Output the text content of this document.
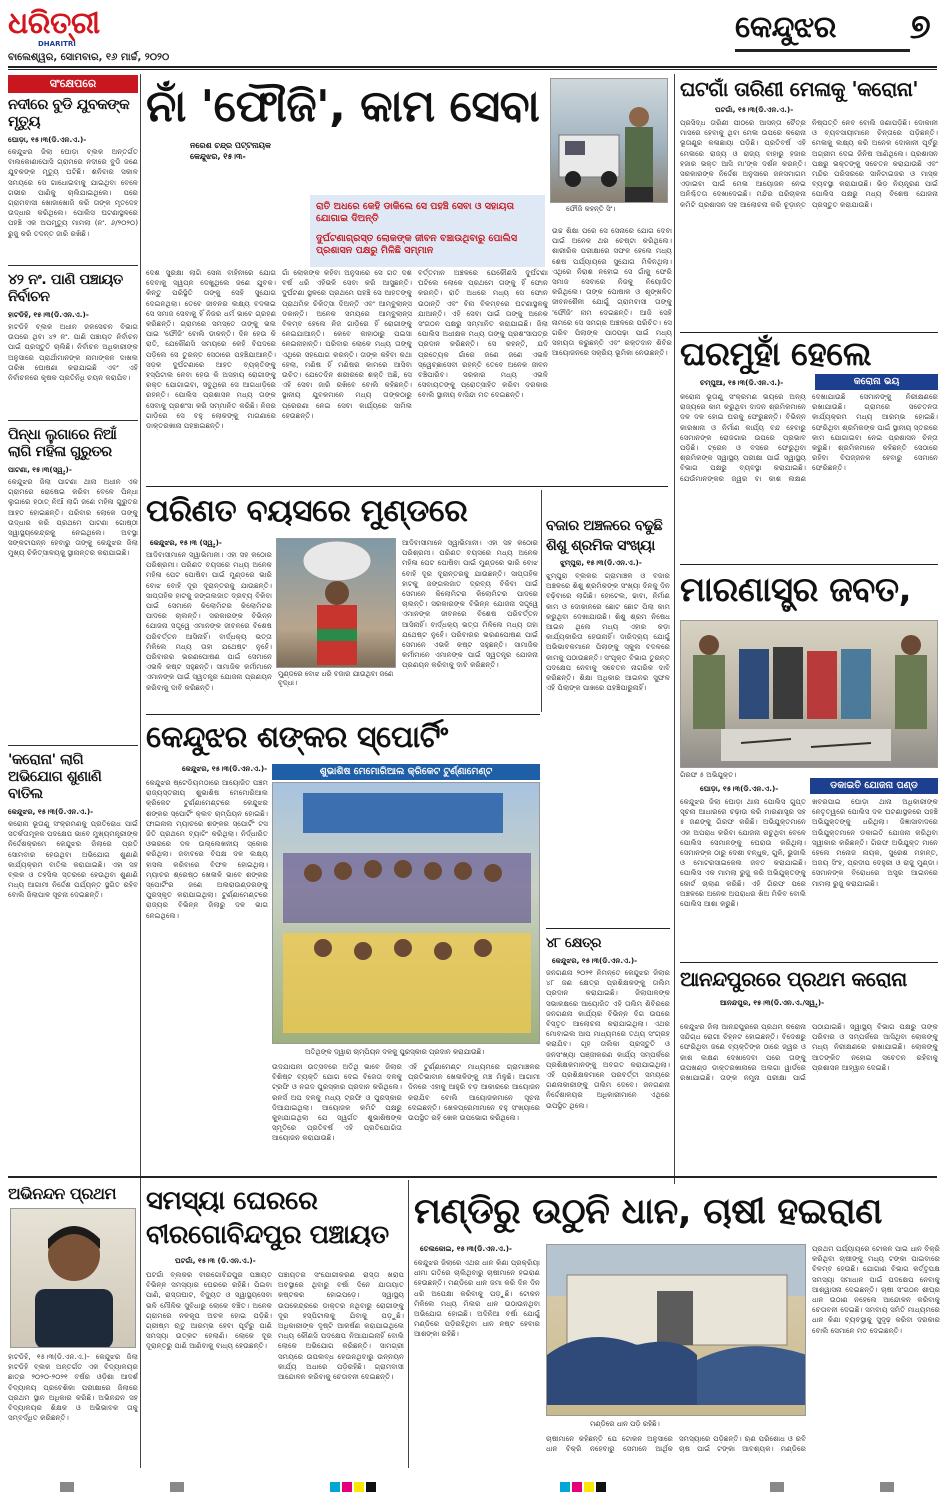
ଧରିତ୍ରୀ
DHARITRI
ବାଲେଶ୍ୱର, ସୋମବାର, ୧୬ ମାର୍ଚ୍ଚ, ୨୦୨୦
କେନ୍ଦୁଝର	୭
ସଂକ୍ଷେପରେ
ନଦୀରେ ବୁଡି ଯୁବକଙ୍କ ମୃତ୍ୟୁ
ଘୋଡ଼ା, ୧୫।୩(ଡି.ଏନ.ଏ.)-
କେନ୍ଦୁଝର ଜିଲା ଘୋଡ଼ା ବ୍ଲକ ଅନ୍ତର୍ଗତ ବାଲକୋଣାପୋସି ଗ୍ରାମରେ ନଦୀରେ ବୁଡି ଜଣେ ଯୁବକଙ୍କ ମୃତ୍ୟୁ ଘଟିଛି। ଶନିବାର ସକାଳ ସମୟରେ ସେ ଗାଧୋଇବାକୁ ଯାଇଥିବା ବେଳେ ଗଭୀର ପାଣିକୁ ଚାଲିଯାଇଥିଲେ। ପରେ ଗ୍ରାମବାସୀ ଖୋଜାଖୋଜି କରି ତାଙ୍କ ମୃତଦେହ ଉଦ୍ଧାର କରିଥିଲେ। ପୋଲିସ ଘଟଣାସ୍ଥଳରେ ପହଞ୍ଚି ଏକ ଅପମୃତ୍ୟୁ ମାମଲା (ନଂ. ୬/୨୦୨୦) ରୁଜୁ କରି ତଦନ୍ତ ଜାରି ରଖିଛି।
୪୨ ନଂ. ପାଣି ପଞ୍ଚାୟତ ନିର୍ବାଚନ
ହାଟଡିହି, ୧୫।୩(ଡି.ଏନ.ଏ.)-
ହାଟଡିହି ବ୍ଲକ ଅଧୀନ ଜଳସେଚନ ବିଭାଗ ଉପରେ ଥିବା ୪୨ ନଂ. ପାଣି ପଞ୍ଚାୟତ ନିର୍ବାଚନ ପାଇଁ ପ୍ରସ୍ତୁତି ଚାଲିଛି। ନିର୍ବାଚନ ଅଧିକାରୀଙ୍କ ଅନୁସାରେ ପ୍ରାର୍ଥୀମାନଙ୍କ ନାମାଙ୍କନ ଦାଖଲ ତାରିଖ ଘୋଷଣା କରାଯାଇଛି ଏବଂ ଏହି ନିର୍ବାଚନରେ କୃଷକ ପ୍ରତିନିଧି ଚୟନ କରାଯିବ।
ପିନ୍ଧା ଲୁଗାରେ ନିଆଁ ଲାଗି ମହିଳା ଗୁରୁତର
ପାଟଣା, ୧୫।୩(ସ୍ୱୃ.)-
କେନ୍ଦୁଝର ଜିଲା ପାଟଣା ଥାନା ଅଧୀନ ଏକ ଗ୍ରାମରେ ରୋଷେଇ କରିବା ବେଳେ ପିନ୍ଧା ଲୁଗାରେ ହଠାତ୍ ନିଆଁ ଲାଗି ଜଣେ ମହିଳା ଗୁରୁତର ଆହତ ହୋଇଛନ୍ତି। ପରିବାର ଲୋକେ ତାଙ୍କୁ ଉଦ୍ଧାର କରି ପ୍ରଥମେ ପାଟଣା ଗୋଷ୍ଠୀ ସ୍ୱାସ୍ଥ୍ୟକେନ୍ଦ୍ରକୁ ନେଇଥିଲେ। ଅବସ୍ଥା ସଙ୍କଟାପନ୍ନ ହେବାରୁ ତାଙ୍କୁ କେନ୍ଦୁଝର ଜିଲା ମୁଖ୍ୟ ଚିକିତ୍ସାଳୟକୁ ସ୍ଥାନାନ୍ତର କରାଯାଇଛି।
'କରୋନା' ଲାଗି ଅଭିଯୋଗ ଶୁଣାଣି ବାତିଲ
କେନ୍ଦୁଝର, ୧୫।୩(ଡି.ଏନ.ଏ.)-
କରୋନା ଭୂତାଣୁ ସଂକ୍ରମଣକୁ ପ୍ରତିରୋଧ ପାଇଁ ସତର୍କତାମୂଳକ ପଦକ୍ଷେପ ଭାବେ ମୁଖ୍ୟମନ୍ତ୍ରୀଙ୍କ ନିର୍ଦ୍ଦେଶକ୍ରମେ କେନ୍ଦୁଝର ଜିଲାରେ ପ୍ରତି ସୋମବାର ହେଉଥିବା ଅଭିଯୋଗ ଶୁଣାଣି କାର୍ଯ୍ୟକ୍ରମ ବାତିଲ କରାଯାଇଛି। ଏହା ସହ ବ୍ଲକ ଓ ତହସିଲ ସ୍ତରରେ ହେଉଥିବା ଶୁଣାଣି ମଧ୍ୟ ଆଗାମୀ ନିର୍ଦ୍ଦେଶ ପର୍ଯ୍ୟନ୍ତ ସ୍ଥଗିତ ରହିବ ବୋଲି ଜିଲାପାଳ ସୂଚନା ଦେଇଛନ୍ତି।
ନାଁ 'ଫୌଜି', କାମ ସେବା
ନରେଶ ଚନ୍ଦ୍ର ପଟ୍ଟନାୟକ
କେନ୍ଦୁଝର, ୧୫।୩-
ରାତି ଅଧରେ କେହି ଡାକିଲେ ସେ ପହଞ୍ଚି ସେବା ଓ ସହାୟତା ଯୋଗାଇ ଦିଅନ୍ତି
ଦୁର୍ଘଟଣାଗ୍ରସ୍ତ ଲୋକଙ୍କ ଜୀବନ ବଞ୍ଚାଉଥିବାରୁ ପୋଲିସ ପ୍ରଶାସନ ପକ୍ଷରୁ ମିଳିଛି ସମ୍ମାନ
ଦେଶ ସୁରକ୍ଷା ଲାଗି ସେନା ବାହିନୀରେ ଯୋଗ ଦେବାକୁ ସ୍ୱପ୍ନ ଦେଖୁଥିଲେ ଜଣେ ଯୁବକ। କିନ୍ତୁ ପରିସ୍ଥିତି ତାଙ୍କୁ ସେହି ସୁଯୋଗ ଦେଇନଥିଲା। ତେବେ ଜୀବନର ଲକ୍ଷ୍ୟ ବଦଳାଇ ସେ ସମାଜ ସେବାକୁ ହିଁ ନିଜର ଧର୍ମ ଭାବେ ଗ୍ରହଣ କରିଛନ୍ତି। ଗ୍ରାମରେ ସମସ୍ତେ ତାଙ୍କୁ ଭଲ ପାଇ 'ଫୌଜି' ବୋଲି ଡାକନ୍ତି। ଦିନ ହେଉ କି ରାତି, ଯେକୌଣସି ସମୟରେ କେହି ବିପଦରେ ପଡ଼ିଲେ ସେ ତୁରନ୍ତ ସେଠାରେ ପହଞ୍ଚିଯାଆନ୍ତି। ସଡ଼କ ଦୁର୍ଘଟଣାରେ ଆହତ ବ୍ୟକ୍ତିଙ୍କୁ ହସ୍ପିଟାଲ ନେବା ହେଉ କି ଅସହାୟ ରୋଗୀଙ୍କୁ ରକ୍ତ ଯୋଗାଇବା, ସବୁଥିରେ ସେ ଆଗଧାଡ଼ିରେ ରହନ୍ତି। ପୋଲିସ ପ୍ରଶାସନ ମଧ୍ୟ ତାଙ୍କ ସେବାକୁ ପ୍ରଶଂସା କରି ସମ୍ମାନିତ କରିଛି। ନିଜର ଗାଡ଼ିରେ ସେ ବହୁ ଲୋକଙ୍କୁ ମାଗଣାରେ ଡାକ୍ତରଖାନା ପହଞ୍ଚାଇଛନ୍ତି।
ଗାଁ ଲୋକଙ୍କ କହିବା ଅନୁସାରେ ସେ ଗତ ଦଶ ବର୍ଷ ଧରି ଏହିଭଳି ସେବା କରି ଆସୁଛନ୍ତି। ଦୁର୍ଘଟଣା ସ୍ଥଳରେ ପ୍ରଥମେ ପହଞ୍ଚି ସେ ଆହତଙ୍କୁ ପ୍ରାଥମିକ ଚିକିତ୍ସା ଦିଅନ୍ତି ଏବଂ ଆମ୍ବୁଲାନ୍ସ ଡକାନ୍ତି। ଅନେକ ସମୟରେ ଆମ୍ବୁଲାନ୍ସ ବିଳମ୍ବ ହେଲେ ନିଜ ଗାଡ଼ିରେ ହିଁ ରୋଗୀଙ୍କୁ ନେଇଯାଆନ୍ତି। କେବେ କାହାଠାରୁ ପଇସା ନେଇନାହାନ୍ତି। ପରିବାର ଲୋକେ ମଧ୍ୟ ତାଙ୍କୁ ଏଥିରେ ସହଯୋଗ କରନ୍ତି। ତାଙ୍କ କହିବା କଥା ହେଲା, ମଣିଷ ହିଁ ମଣିଷର କାମରେ ଆସିବା ଉଚିତ। ଯେତେଦିନ ଶରୀରରେ ଶକ୍ତି ଅଛି, ସେ ଏହି ସେବା ଜାରି ରଖିବେ ବୋଲି କହିଛନ୍ତି। ସ୍ଥାନୀୟ ଯୁବକମାନେ ମଧ୍ୟ ତାଙ୍କଠାରୁ ପ୍ରେରଣା ନେଇ ସେବା କାର୍ଯ୍ୟରେ ସାମିଲ ହେଉଛନ୍ତି।
ବର୍ତ୍ତମାନ ଅଞ୍ଚଳରେ ଯେକୌଣସି ଦୁର୍ଘଟଣା ଘଟିଲେ ଲୋକେ ପ୍ରଥମେ ତାଙ୍କୁ ହିଁ ଫୋନ କରନ୍ତି। ରାତି ଅଧରେ ମଧ୍ୟ ସେ ଫୋନ ଉଠାନ୍ତି ଏବଂ ବିନା ବିଳମ୍ବରେ ଘଟଣାସ୍ଥଳକୁ ଯାଆନ୍ତି। ଏହି ସେବା ପାଇଁ ତାଙ୍କୁ ଅନେକ ସଂଗଠନ ପକ୍ଷରୁ ସମ୍ମାନିତ କରାଯାଇଛି। ଜିଲା ପୋଲିସ ଅଧୀକ୍ଷକ ମଧ୍ୟ ତାଙ୍କୁ ପ୍ରଶଂସାପତ୍ର ପ୍ରଦାନ କରିଛନ୍ତି। ସେ କହନ୍ତି, ଯଦି ପ୍ରତ୍ୟେକ ଗାଁରେ ଜଣେ ଜଣେ ଏଭଳି ସ୍ୱେଚ୍ଛାସେବୀ ରହନ୍ତି ତେବେ ଅନେକ ଜୀବନ ବଞ୍ଚିପାରିବ। ସରକାର ମଧ୍ୟ ଏଭଳି ସେବାୟତଙ୍କୁ ପ୍ରୋତ୍ସାହିତ କରିବା ଦରକାର ବୋଲି ସ୍ଥାନୀୟ ବାସିନ୍ଦା ମତ ଦେଇଛନ୍ତି।
ଉଚ୍ଚ ଶିକ୍ଷା ପରେ ସେ ସେନାରେ ଯୋଗ ଦେବା ପାଇଁ ଅନେକ ଥର ଚେଷ୍ଟା କରିଥିଲେ। ଶାରୀରିକ ପରୀକ୍ଷାରେ ସଫଳ ହେଲେ ମଧ୍ୟ ଶେଷ ପର୍ଯ୍ୟାୟରେ ସୁଯୋଗ ମିଳିନଥିଲା। ଏଥିରେ ନିରାଶ ନହୋଇ ସେ ଗାଁକୁ ଫେରି ସମାଜ ସେବାରେ ନିଜକୁ ନିୟୋଜିତ କରିଥିଲେ। ତାଙ୍କ ପୋଷାକ ଓ ଶୃଙ୍ଖଳିତ ଜୀବନଶୈଳୀ ଯୋଗୁଁ ଗ୍ରାମବାସୀ ତାଙ୍କୁ 'ଫୌଜି' ନାମ ଦେଇଛନ୍ତି। ଆଜି ସେହି ନାମରେ ସେ ସମଗ୍ର ଅଞ୍ଚଳରେ ପରିଚିତ। ସେ ଗରିବ ପିଲାଙ୍କ ପାଠପଢ଼ା ପାଇଁ ମଧ୍ୟ ସହାୟତା କରୁଛନ୍ତି ଏବଂ ରକ୍ତଦାନ ଶିବିର ଆୟୋଜନରେ ସକ୍ରିୟ ଭୂମିକା ନେଉଛନ୍ତି।
ଫୌଜି କହନ୍ତି ସିଂ।
ଘଟଗାଁ ତାରିଣୀ ମେଳାକୁ 'କରୋନା'
ଘଟଗାଁ, ୧୫।୩(ଡି.ଏନ.ଏ.)-
ପ୍ରସିଦ୍ଧ ତାରିଣୀ ପୀଠରେ ଆସନ୍ତା ଚୈତ୍ର ମାସରେ ହେବାକୁ ଥିବା ମେଳା ଉପରେ କରୋନା ଭୂତାଣୁର କଳାଛାୟା ପଡ଼ିଛି। ପ୍ରତିବର୍ଷ ଏହି ମେଳାରେ ରାଜ୍ୟ ଓ ରାଜ୍ୟ ବାହାରୁ ହଜାର ହଜାର ଭକ୍ତ ଆସି ମା'ଙ୍କ ଦର୍ଶନ କରନ୍ତି। ସରକାରଙ୍କ ନିର୍ଦ୍ଦେଶ ଅନୁସାରେ ଜନସମାଗମ ଏଡ଼ାଇବା ପାଇଁ ମେଳା ଆୟୋଜନ ନେଇ ଅନିଶ୍ଚିତତା ଦେଖାଦେଇଛି। ମନ୍ଦିର ପରିଚାଳନା କମିଟି ପ୍ରଶାସନ ସହ ଆଲୋଚନା କରି ଚୂଡ଼ାନ୍ତ ନିଷ୍ପତ୍ତି ନେବ ବୋଲି ଜଣାପଡ଼ିଛି। ଦୋକାନୀ ଓ ବ୍ୟବସାୟୀମାନେ ଚିନ୍ତାରେ ପଡ଼ିଛନ୍ତି। ମେଳାକୁ ଲକ୍ଷ୍ୟ କରି ଅନେକ ଦୋକାନୀ ପୂର୍ବରୁ ଅଗ୍ରୀମ ଦେଇ ଜିନିଷ ଆଣିଥିଲେ। ପ୍ରଶାସନ ପକ୍ଷରୁ ଭକ୍ତଙ୍କୁ ସଚେତନ କରାଯାଉଛି ଏବଂ ମନ୍ଦିର ପରିସରରେ ସାନିଟାଇଜର ଓ ମାସ୍କ ବ୍ୟବସ୍ଥା କରାଯାଉଛି। ଭିଡ଼ ନିୟନ୍ତ୍ରଣ ପାଇଁ ପୋଲିସ ପକ୍ଷରୁ ମଧ୍ୟ ବିଶେଷ ଯୋଜନା ପ୍ରସ୍ତୁତ କରାଯାଉଛି।
ଘରମୁହାଁ ହେଲେ
ଚମ୍ପୁଆ, ୧୫।୩(ଡି.ଏନ.ଏ.)-	କରୋନା ଭୟ
କରୋନା ଭୂତାଣୁ ସଂକ୍ରମଣ ଭୟରେ ଅନ୍ୟ ରାଜ୍ୟରେ କାମ କରୁଥିବା ଦାଦନ ଶ୍ରମିକମାନେ ଦଳ ଦଳ ହୋଇ ଘରକୁ ଫେରୁଛନ୍ତି। ବିଭିନ୍ନ କାରଖାନା ଓ ନିର୍ମାଣ କାର୍ଯ୍ୟ ବନ୍ଦ ହେବାରୁ ସେମାନଙ୍କ ରୋଜଗାର ଉପରେ ପ୍ରଭାବ ପଡ଼ିଛି। ଟ୍ରେନ ଓ ବସରେ ଫେରୁଥିବା ଶ୍ରମିକଙ୍କ ସ୍ୱାସ୍ଥ୍ୟ ପରୀକ୍ଷା ପାଇଁ ସ୍ୱାସ୍ଥ୍ୟ ବିଭାଗ ପକ୍ଷରୁ ବ୍ୟବସ୍ଥା କରାଯାଇଛି। ଯେଉଁମାନଙ୍କର ଜ୍ୱର ବା କାଶ ଲକ୍ଷଣ ଦେଖାଯାଉଛି ସେମାନଙ୍କୁ ନିରୀକ୍ଷଣରେ ରଖାଯାଉଛି। ଗ୍ରାମରେ ସଚେତନତା କାର୍ଯ୍ୟକ୍ରମ ମଧ୍ୟ ଆରମ୍ଭ ହୋଇଛି। ଫେରିଥିବା ଶ୍ରମିକଙ୍କ ପାଇଁ ସ୍ଥାନୀୟ ସ୍ତରରେ କାମ ଯୋଗାଇବା ନେଇ ପ୍ରଶାସନ ଚିନ୍ତା କରୁଛି। ଶ୍ରମିକମାନେ କହିଛନ୍ତି ସେଠାରେ ରହିବା ବିପଜ୍ଜନକ ହେବାରୁ ସେମାନେ ଫେରିଛନ୍ତି।
ମାରଣାସ୍ତ୍ର ଜବତ,
ଗିରଫ ୫ ଅଭିଯୁକ୍ତ।
ଡକାଇତି ଯୋଜନା ପଣ୍ଡ
ଘୋଡ଼ା, ୧୫।୩(ଡି.ଏନ.ଏ.)-
କେନ୍ଦୁଝର ଜିଲା ଘୋଡ଼ା ଥାନା ପୋଲିସ ଗୁପ୍ତ ସୂଚନା ଆଧାରରେ ଚଢ଼ାଉ କରି ମାରଣାସ୍ତ୍ର ସହ ୫ ଜଣଙ୍କୁ ଗିରଫ କରିଛି। ଅଭିଯୁକ୍ତମାନେ ଏକ ଅପରାଧ କରିବା ଯୋଜନା ରଚୁଥିବା ବେଳେ ପୋଲିସ ସେମାନଙ୍କୁ ଘେରାଉ କରିଥିଲା। ସେମାନଙ୍କ ଠାରୁ ଦେଶୀ ବନ୍ଧୁକ, ଗୁଳି, ଭୁଜାଲି ଓ ମୋଟରସାଇକେଲ ଜବତ କରାଯାଇଛି। ପୋଲିସ ଏକ ମାମଲା ରୁଜୁ କରି ଅଭିଯୁକ୍ତଙ୍କୁ କୋର୍ଟ ଚାଲାଣ କରିଛି। ଏହି ଗିରଫ ପରେ ଅଞ୍ଚଳରେ ଅନେକ ଅପରାଧର ଖିଅ ମିଳିବ ବୋଲି ପୋଲିସ ଆଶା କରୁଛି।
ଖବରପାଇ ଘୋଡ଼ା ଥାନା ଅଧିକାରୀଙ୍କ ନେତୃତ୍ୱରେ ପୋଲିସ ଦଳ ଘଟଣାସ୍ଥଳରେ ପହଞ୍ଚି ଅଭିଯୁକ୍ତଙ୍କୁ ଧରିଥିଲା। ଜିଜ୍ଞାସାବାଦରେ ଅଭିଯୁକ୍ତମାନେ ଡକାଇତି ଯୋଜନା କରିଥିବା ସ୍ୱୀକାର କରିଛନ୍ତି। ଗିରଫ ଅଭିଯୁକ୍ତ ମାନେ ହେଲେ ମନୋଜ ନାୟକ, ସୁରେଶ ମହାନ୍ତ, ଅଜୟ ସିଂହ, ପ୍ରଦୀପ ଦେହୁରୀ ଓ ରାଜୁ ମୁଣ୍ଡା। ସେମାନଙ୍କ ବିରୋଧରେ ଅସ୍ତ୍ର ଆଇନରେ ମାମଲା ରୁଜୁ କରାଯାଇଛି।
ଆନନ୍ଦପୁରରେ ପ୍ରଥମ କରୋନା
ଆନନ୍ଦପୁର, ୧୫।୩(ଡି.ଏନ.ଏ./ସ୍ୱୃ.)-
କେନ୍ଦୁଝର ଜିଲା ଆନନ୍ଦପୁରରେ ପ୍ରଥମ କରୋନା ସନ୍ଦିଗ୍ଧ ରୋଗୀ ଚିହ୍ନଟ ହୋଇଛନ୍ତି। ବିଦେଶରୁ ଫେରିଥିବା ଜଣେ ବ୍ୟକ୍ତିଙ୍କ ଠାରେ ଜ୍ୱର ଓ କାଶ ଲକ୍ଷଣ ଦେଖାଦେବା ପରେ ତାଙ୍କୁ ଉପଖଣ୍ଡ ଡାକ୍ତରଖାନାରେ ଅଲଗା ୱାର୍ଡରେ ରଖାଯାଇଛି। ତାଙ୍କ ନମୁନା ପରୀକ୍ଷା ପାଇଁ ପଠାଯାଇଛି। ସ୍ୱାସ୍ଥ୍ୟ ବିଭାଗ ପକ୍ଷରୁ ତାଙ୍କ ପରିବାର ଓ ସମ୍ପର୍କରେ ଆସିଥିବା ଲୋକଙ୍କୁ ମଧ୍ୟ ନିରୀକ୍ଷଣରେ ରଖାଯାଇଛି। ଲୋକଙ୍କୁ ଆତଙ୍କିତ ନହୋଇ ସଚେତନ ରହିବାକୁ ପ୍ରଶାସନ ଆହ୍ୱାନ ଦେଇଛି।
ପରିଣତ ବୟସରେ ମୁଣ୍ଡରେ
କେନ୍ଦୁଝର, ୧୫।୩ (ସ୍ୱୃ.)-
ଆଦିବାସୀମାନେ ସ୍ୱାଭିମାନୀ। ଏହା ସହ କଠୋର ପରିଶ୍ରମୀ। ପରିଣତ ବୟସରେ ମଧ୍ୟ ଅନେକ ମହିଳା ପେଟ ପୋଷିବା ପାଇଁ ମୁଣ୍ଡରେ ଭାରି ବୋଝ ବୋହି ଦୂର ଦୂରାନ୍ତରକୁ ଯାଉଛନ୍ତି। ସାପ୍ତାହିକ ହାଟକୁ ଜଙ୍ଗଲଜାତ ଦ୍ରବ୍ୟ ବିକିବା ପାଇଁ ସେମାନେ କିଲୋମିଟର କିଲୋମିଟର ପାଦରେ ଚାଲନ୍ତି। ସରକାରଙ୍କ ବିଭିନ୍ନ ଯୋଜନା ସତ୍ତ୍ୱେ ଏମାନଙ୍କ ଜୀବନରେ ବିଶେଷ ପରିବର୍ତ୍ତନ ଆସିନାହିଁ। ବାର୍ଦ୍ଧକ୍ୟ ଭତ୍ତା ମିଳିଲେ ମଧ୍ୟ ତାହା ଯଥେଷ୍ଟ ନୁହେଁ। ପରିବାରର ଭରଣପୋଷଣ ପାଇଁ ସେମାନେ ଏଭଳି କଷ୍ଟ ସହୁଛନ୍ତି। ସାମାଜିକ କର୍ମୀମାନେ ଏମାନଙ୍କ ପାଇଁ ସ୍ୱତନ୍ତ୍ର ଯୋଜନା ପ୍ରଣୟନ କରିବାକୁ ଦାବି କରିଛନ୍ତି।
ମୁଣ୍ଡରେ ବୋଝ ଧରି ବଜାର ଯାଉଥିବା ଜଣେ ବୃଦ୍ଧା।
ଆଦିବାସୀମାନେ ସ୍ୱାଭିମାନୀ। ଏହା ସହ କଠୋର ପରିଶ୍ରମୀ। ପରିଣତ ବୟସରେ ମଧ୍ୟ ଅନେକ ମହିଳା ପେଟ ପୋଷିବା ପାଇଁ ମୁଣ୍ଡରେ ଭାରି ବୋଝ ବୋହି ଦୂର ଦୂରାନ୍ତରକୁ ଯାଉଛନ୍ତି। ସାପ୍ତାହିକ ହାଟକୁ ଜଙ୍ଗଲଜାତ ଦ୍ରବ୍ୟ ବିକିବା ପାଇଁ ସେମାନେ କିଲୋମିଟର କିଲୋମିଟର ପାଦରେ ଚାଲନ୍ତି। ସରକାରଙ୍କ ବିଭିନ୍ନ ଯୋଜନା ସତ୍ତ୍ୱେ ଏମାନଙ୍କ ଜୀବନରେ ବିଶେଷ ପରିବର୍ତ୍ତନ ଆସିନାହିଁ। ବାର୍ଦ୍ଧକ୍ୟ ଭତ୍ତା ମିଳିଲେ ମଧ୍ୟ ତାହା ଯଥେଷ୍ଟ ନୁହେଁ। ପରିବାରର ଭରଣପୋଷଣ ପାଇଁ ସେମାନେ ଏଭଳି କଷ୍ଟ ସହୁଛନ୍ତି। ସାମାଜିକ କର୍ମୀମାନେ ଏମାନଙ୍କ ପାଇଁ ସ୍ୱତନ୍ତ୍ର ଯୋଜନା ପ୍ରଣୟନ କରିବାକୁ ଦାବି କରିଛନ୍ତି।
ବଜାର ଅଞ୍ଚଳରେ ବଢୁଛି ଶିଶୁ ଶ୍ରମିକ ସଂଖ୍ୟା
ଝୁମ୍ପୁରା, ୧୫।୩(ଡି.ଏନ.ଏ.)-
ଝୁମ୍ପୁରା ବ୍ଲକର ଗ୍ରାମାଞ୍ଚଳ ଓ ବଜାର ଅଞ୍ଚଳରେ ଶିଶୁ ଶ୍ରମିକଙ୍କ ସଂଖ୍ୟା ଦିନକୁ ଦିନ ବଢ଼ିବାରେ ଲାଗିଛି। ହୋଟେଲ, ଢାବା, ନିର୍ମାଣ କାମ ଓ ଦୋକାନରେ ଛୋଟ ଛୋଟ ପିଲା କାମ କରୁଥିବା ଦେଖାଯାଉଛି। ଶିଶୁ ଶ୍ରମ ନିଷେଧ ଆଇନ ଥିଲେ ମଧ୍ୟ ଏହାର କଡ଼ା କାର୍ଯ୍ୟକାରିତା ହେଉନାହିଁ। ଦାରିଦ୍ର୍ୟ ଯୋଗୁଁ ଅଭିଭାବକମାନେ ପିଲାଙ୍କୁ ସ୍କୁଲ ବଦଳରେ କାମକୁ ପଠାଉଛନ୍ତି। ସଂପୃକ୍ତ ବିଭାଗ ତୁରନ୍ତ ପଦକ୍ଷେପ ନେବାକୁ ସଚେତନ ନାଗରିକ ଦାବି କରିଛନ୍ତି। ଶିକ୍ଷା ଅଧିକାର ଆଇନର ସୁଫଳ ଏହି ପିଲାଙ୍କ ପାଖରେ ପହଞ୍ଚିପାରୁନାହିଁ।
କେନ୍ଦୁଝର ଶଙ୍କର ସ୍ପୋର୍ଟିଂ
କେନ୍ଦୁଝର, ୧୫।୩(ଡି.ଏନ.ଏ.)-	ଶୁଭାଶିଷ ମେମୋରିଆଲ କ୍ରିକେଟ ଟୁର୍ଣ୍ଣାମେଣ୍ଟ
କେନ୍ଦୁଝର ଷ୍ଟେଡିୟମଠାରେ ଆୟୋଜିତ ପଞ୍ଚମ ରାଜ୍ୟସ୍ତରୀୟ ଶୁଭାଶିଷ ମେମୋରିଆଲ କ୍ରିକେଟ ଟୁର୍ଣ୍ଣାମେଣ୍ଟରେ କେନ୍ଦୁଝର ଶଙ୍କର ସ୍ପୋର୍ଟିଂ କ୍ଲବ ଚାମ୍ପିୟନ ହୋଇଛି। ଫାଇନାଲ ମ୍ୟାଚରେ ଶଙ୍କର ସ୍ପୋର୍ଟିଂ ଟସ ଜିତି ପ୍ରଥମେ ବ୍ୟାଟିଂ କରିଥିଲା। ନିର୍ଦ୍ଧାରିତ ଓଭରରେ ଦଳ ଉଲ୍ଲେଖନୀୟ ସ୍କୋର କରିଥିଲା। ଜବାବରେ ବିପକ୍ଷ ଦଳ ଲକ୍ଷ୍ୟ ହାସଲ କରିବାରେ ବିଫଳ ହୋଇଥିଲା। ମ୍ୟାଚର ଶ୍ରେଷ୍ଠ ଖେଳାଳି ଭାବେ ଶଙ୍କର ସ୍ପୋର୍ଟିଂର ଜଣେ ଅଲରାଉଣ୍ଡରଙ୍କୁ ପୁରସ୍କୃତ କରାଯାଇଥିଲା। ଟୁର୍ଣ୍ଣାମେଣ୍ଟରେ ରାଜ୍ୟର ବିଭିନ୍ନ ଜିଲାରୁ ଦଳ ଭାଗ ନେଇଥିଲେ।
ଅତିଥିଙ୍କ ଦ୍ୱାରା ଚାମ୍ପିୟନ ଦଳକୁ ପୁରସ୍କାର ପ୍ରଦାନ କରାଯାଉଛି।
ଉଦଯାପନୀ ଉତ୍ସବରେ ଅତିଥି ଭାବେ ଜିଲାର ବିଶିଷ୍ଟ ବ୍ୟକ୍ତି ଯୋଗ ଦେଇ ବିଜେତା ଦଳକୁ ଟ୍ରଫି ଓ ନଗଦ ପୁରସ୍କାର ପ୍ରଦାନ କରିଥିଲେ। ରନର୍ସ ଅପ ଦଳକୁ ମଧ୍ୟ ଟ୍ରଫି ଓ ପୁରସ୍କାର ଦିଆଯାଇଥିଲା। ଆୟୋଜକ କମିଟି ପକ୍ଷରୁ କୁହାଯାଇଥିଲା ଯେ ସ୍ୱର୍ଗତ ଶୁଭାଶିଷଙ୍କ ସ୍ମୃତିରେ ପ୍ରତିବର୍ଷ ଏହି ପ୍ରତିଯୋଗିତା ଆୟୋଜନ କରାଯାଉଛି।
ଏହି ଟୁର୍ଣ୍ଣାମେଣ୍ଟ ମାଧ୍ୟମରେ ଗ୍ରାମାଞ୍ଚଳର ପ୍ରତିଭାବାନ ଖେଳାଳିଙ୍କୁ ମଞ୍ଚ ମିଳୁଛି। ଆଗାମୀ ଦିନରେ ଏହାକୁ ଆହୁରି ବଡ଼ ଆକାରରେ ଆୟୋଜନ କରାଯିବ ବୋଲି ଆୟୋଜକମାନେ ସୂଚନା ଦେଇଛନ୍ତି। ଖେଳପ୍ରେମୀମାନେ ବହୁ ସଂଖ୍ୟାରେ ଉପସ୍ଥିତ ରହି ଖେଳ ଉପଭୋଗ କରିଥିଲେ।
୪୮ କ୍ଷେତ୍ର
କେନ୍ଦୁଝର, ୧୫।୩(ଡି.ଏନ.ଏ.)-
ଜନଗଣନା ୨୦୨୧ ନିମନ୍ତେ କେନ୍ଦୁଝର ଜିଲାର ୪୮ ଜଣ କ୍ଷେତ୍ର ପ୍ରଶିକ୍ଷକଙ୍କୁ ତାଲିମ ପ୍ରଦାନ କରାଯାଇଛି। ଜିଲାପାଳଙ୍କ ସଭାକକ୍ଷରେ ଆୟୋଜିତ ଏହି ତାଲିମ ଶିବିରରେ ଜନଗଣନା କାର୍ଯ୍ୟର ବିଭିନ୍ନ ଦିଗ ଉପରେ ବିସ୍ତୃତ ଆଲୋଚନା କରାଯାଇଥିଲା। ଏଥର ମୋବାଇଲ ଆପ ମାଧ୍ୟମରେ ତଥ୍ୟ ସଂଗ୍ରହ କରାଯିବ। ଗୃହ ତାଲିକା ପ୍ରସ୍ତୁତି ଓ ଜନସଂଖ୍ୟା ପଞ୍ଜୀକରଣ କାର୍ଯ୍ୟ ସମ୍ପର୍କରେ ପ୍ରଶିକ୍ଷକମାନଙ୍କୁ ଅବଗତ କରାଯାଇଥିଲା। ଏହି ପ୍ରଶିକ୍ଷକମାନେ ପରବର୍ତ୍ତୀ ସମୟରେ ଗଣନାକାରୀଙ୍କୁ ତାଲିମ ଦେବେ। ଜନଗଣନା ନିର୍ଦ୍ଦେଶାଳୟର ଅଧିକାରୀମାନେ ଏଥିରେ ଉପସ୍ଥିତ ଥିଲେ।
ଅଭିନନ୍ଦନ ପ୍ରଥମ
ହାଟଡିହି, ୧୫।୩(ଡି.ଏନ.ଏ.)- କେନ୍ଦୁଝର ଜିଲା ହାଟଡିହି ବ୍ଲକ ଅନ୍ତର୍ଗତ ଏକ ବିଦ୍ୟାଳୟର ଛାତ୍ର ୨୦୨୦-୨୦୨୧ ବର୍ଷର ଓଡ଼ିଶା ଆଦର୍ଶ ବିଦ୍ୟାଳୟ ପ୍ରବେଶିକା ପରୀକ୍ଷାରେ ଜିଲାରେ ପ୍ରଥମ ସ୍ଥାନ ଅଧିକାର କରିଛି। ଅଭିନନ୍ଦନ ସହ ବିଦ୍ୟାଳୟର ଶିକ୍ଷକ ଓ ଅଭିଭାବକ ତାକୁ ସମ୍ବର୍ଦ୍ଧିତ କରିଛନ୍ତି।
ସମସ୍ୟା ଘେରରେ ବୀରଗୋବିନ୍ଦପୁର ପଞ୍ଚାୟତ
ଘଟଗାଁ, ୧୫।୩ (ଡି.ଏନ.ଏ.)-
ଘଟଗାଁ ବ୍ଲକର ବୀରଗୋବିନ୍ଦପୁର ପଞ୍ଚାୟତ ବିଭିନ୍ନ ସମସ୍ୟାର ଘେରରେ ରହିଛି। ପିଇବା ପାଣି, ରାସ୍ତାଘାଟ, ବିଦ୍ୟୁତ ଓ ସ୍ୱାସ୍ଥ୍ୟସେବା ଭଳି ମୌଳିକ ସୁବିଧାରୁ ଲୋକେ ବଞ୍ଚିତ। ଅନେକ ଗ୍ରାମରେ ନଳକୂପ ଅଚଳ ହୋଇ ପଡ଼ିଛି। ଗ୍ରୀଷ୍ମ ଋତୁ ଆରମ୍ଭ ହେବା ପୂର୍ବରୁ ପାଣି ସମସ୍ୟା ଉତ୍କଟ ହେଲାଣି। ଲୋକେ ଦୂର ଦୂରାନ୍ତରୁ ପାଣି ଆଣିବାକୁ ବାଧ୍ୟ ହେଉଛନ୍ତି।
ପଞ୍ଚାୟତର ସଂଯୋଗୀକରଣ ରାସ୍ତା ଖରାପ ଅବସ୍ଥାରେ ଥିବାରୁ ବର୍ଷା ଦିନେ ଯାତାୟାତ କଷ୍ଟକର ହୋଇପଡ଼େ। ସ୍ୱାସ୍ଥ୍ୟ ଉପକେନ୍ଦ୍ରରେ ଡାକ୍ତର ନଥିବାରୁ ରୋଗୀଙ୍କୁ ଦୂର ହସ୍ପିଟାଲକୁ ଯିବାକୁ ପଡ଼ୁଛି। ଅଧିକାରୀଙ୍କ ଦୃଷ୍ଟି ଆକର୍ଷଣ କରାଯାଇଥିଲେ ମଧ୍ୟ କୌଣସି ପଦକ୍ଷେପ ନିଆଯାଇନାହିଁ ବୋଲି ଲୋକେ ଅଭିଯୋଗ କରିଛନ୍ତି। ସାମଗ୍ରୀ ସମୟରେ ଉପଲବ୍ଧ ହେଉନଥିବାରୁ ଉନ୍ନୟନ କାର୍ଯ୍ୟ ଅଧାରେ ପଡ଼ିରହିଛି। ଗ୍ରାମବାସୀ ଆନ୍ଦୋଳନ କରିବାକୁ ଚେତାବନୀ ଦେଇଛନ୍ତି।
ମଣ୍ଡିରୁ ଉଠୁନି ଧାନ, ଚାଷୀ ହଇରାଣ
ତେଲକୋଇ, ୧୫।୩(ଡି.ଏନ.ଏ.)-
କେନ୍ଦୁଝର ଜିଲାରେ ଏଥର ଧାନ କିଣା ପ୍ରକ୍ରିୟା ଧୀମା ଗତିରେ ଚାଲିଥିବାରୁ ଚାଷୀମାନେ ହଇରାଣ ହେଉଛନ୍ତି। ମଣ୍ଡିରେ ଧାନ ଜମା କରି ଦିନ ଦିନ ଧରି ଅପେକ୍ଷା କରିବାକୁ ପଡ଼ୁଛି। ଟୋକନ ମିଳିଲେ ମଧ୍ୟ ମିଲର ଧାନ ଉଠାଉନଥିବା ଅଭିଯୋଗ ହୋଇଛି। ଅଦିନିଆ ବର୍ଷା ଯୋଗୁଁ ମଣ୍ଡିରେ ପଡ଼ିରହିଥିବା ଧାନ ନଷ୍ଟ ହେବାର ଆଶଙ୍କା ରହିଛି।
ମଣ୍ଡିରେ ଧାନ ପଡ଼ି ରହିଛି।
ଚାଷୀମାନେ କହିଛନ୍ତି ଯେ ଟୋକନ ଅନୁସାରେ ଧାନ ବିକ୍ରି ନହେବାରୁ ସେମାନେ ଆର୍ଥିକ ସମସ୍ୟାରେ ପଡ଼ିଛନ୍ତି। ଋଣ ପରିଶୋଧ ଓ ରବି ଚାଷ ପାଇଁ ଟଙ୍କା ଆବଶ୍ୟକ। ମଣ୍ଡିରେ
ପ୍ରଥମ ପର୍ଯ୍ୟାୟରେ ଟୋକନ ପାଇ ଧାନ ବିକ୍ରି କରିଥିବା ଚାଷୀଙ୍କୁ ମଧ୍ୟ ଟଙ୍କା ପାଇବାରେ ବିଳମ୍ବ ହେଉଛି। ଯୋଗାଣ ବିଭାଗ କର୍ତ୍ତୃପକ୍ଷ ସମସ୍ୟା ସମାଧାନ ପାଇଁ ପଦକ୍ଷେପ ନେବାକୁ ଆଶ୍ୱାସନା ଦେଇଛନ୍ତି। ଚାଷୀ ସଂଗଠନ ଶୀଘ୍ର ଧାନ ଉଠାଣ ନହେଲେ ଆନ୍ଦୋଳନ କରିବାକୁ ଚେତାବନୀ ଦେଇଛି। ସମବାୟ ସମିତି ମାଧ୍ୟମରେ ଧାନ କିଣା ବ୍ୟବସ୍ଥାକୁ ସୁଦୃଢ଼ କରିବା ଦରକାର ବୋଲି ସେମାନେ ମତ ଦେଇଛନ୍ତି।
